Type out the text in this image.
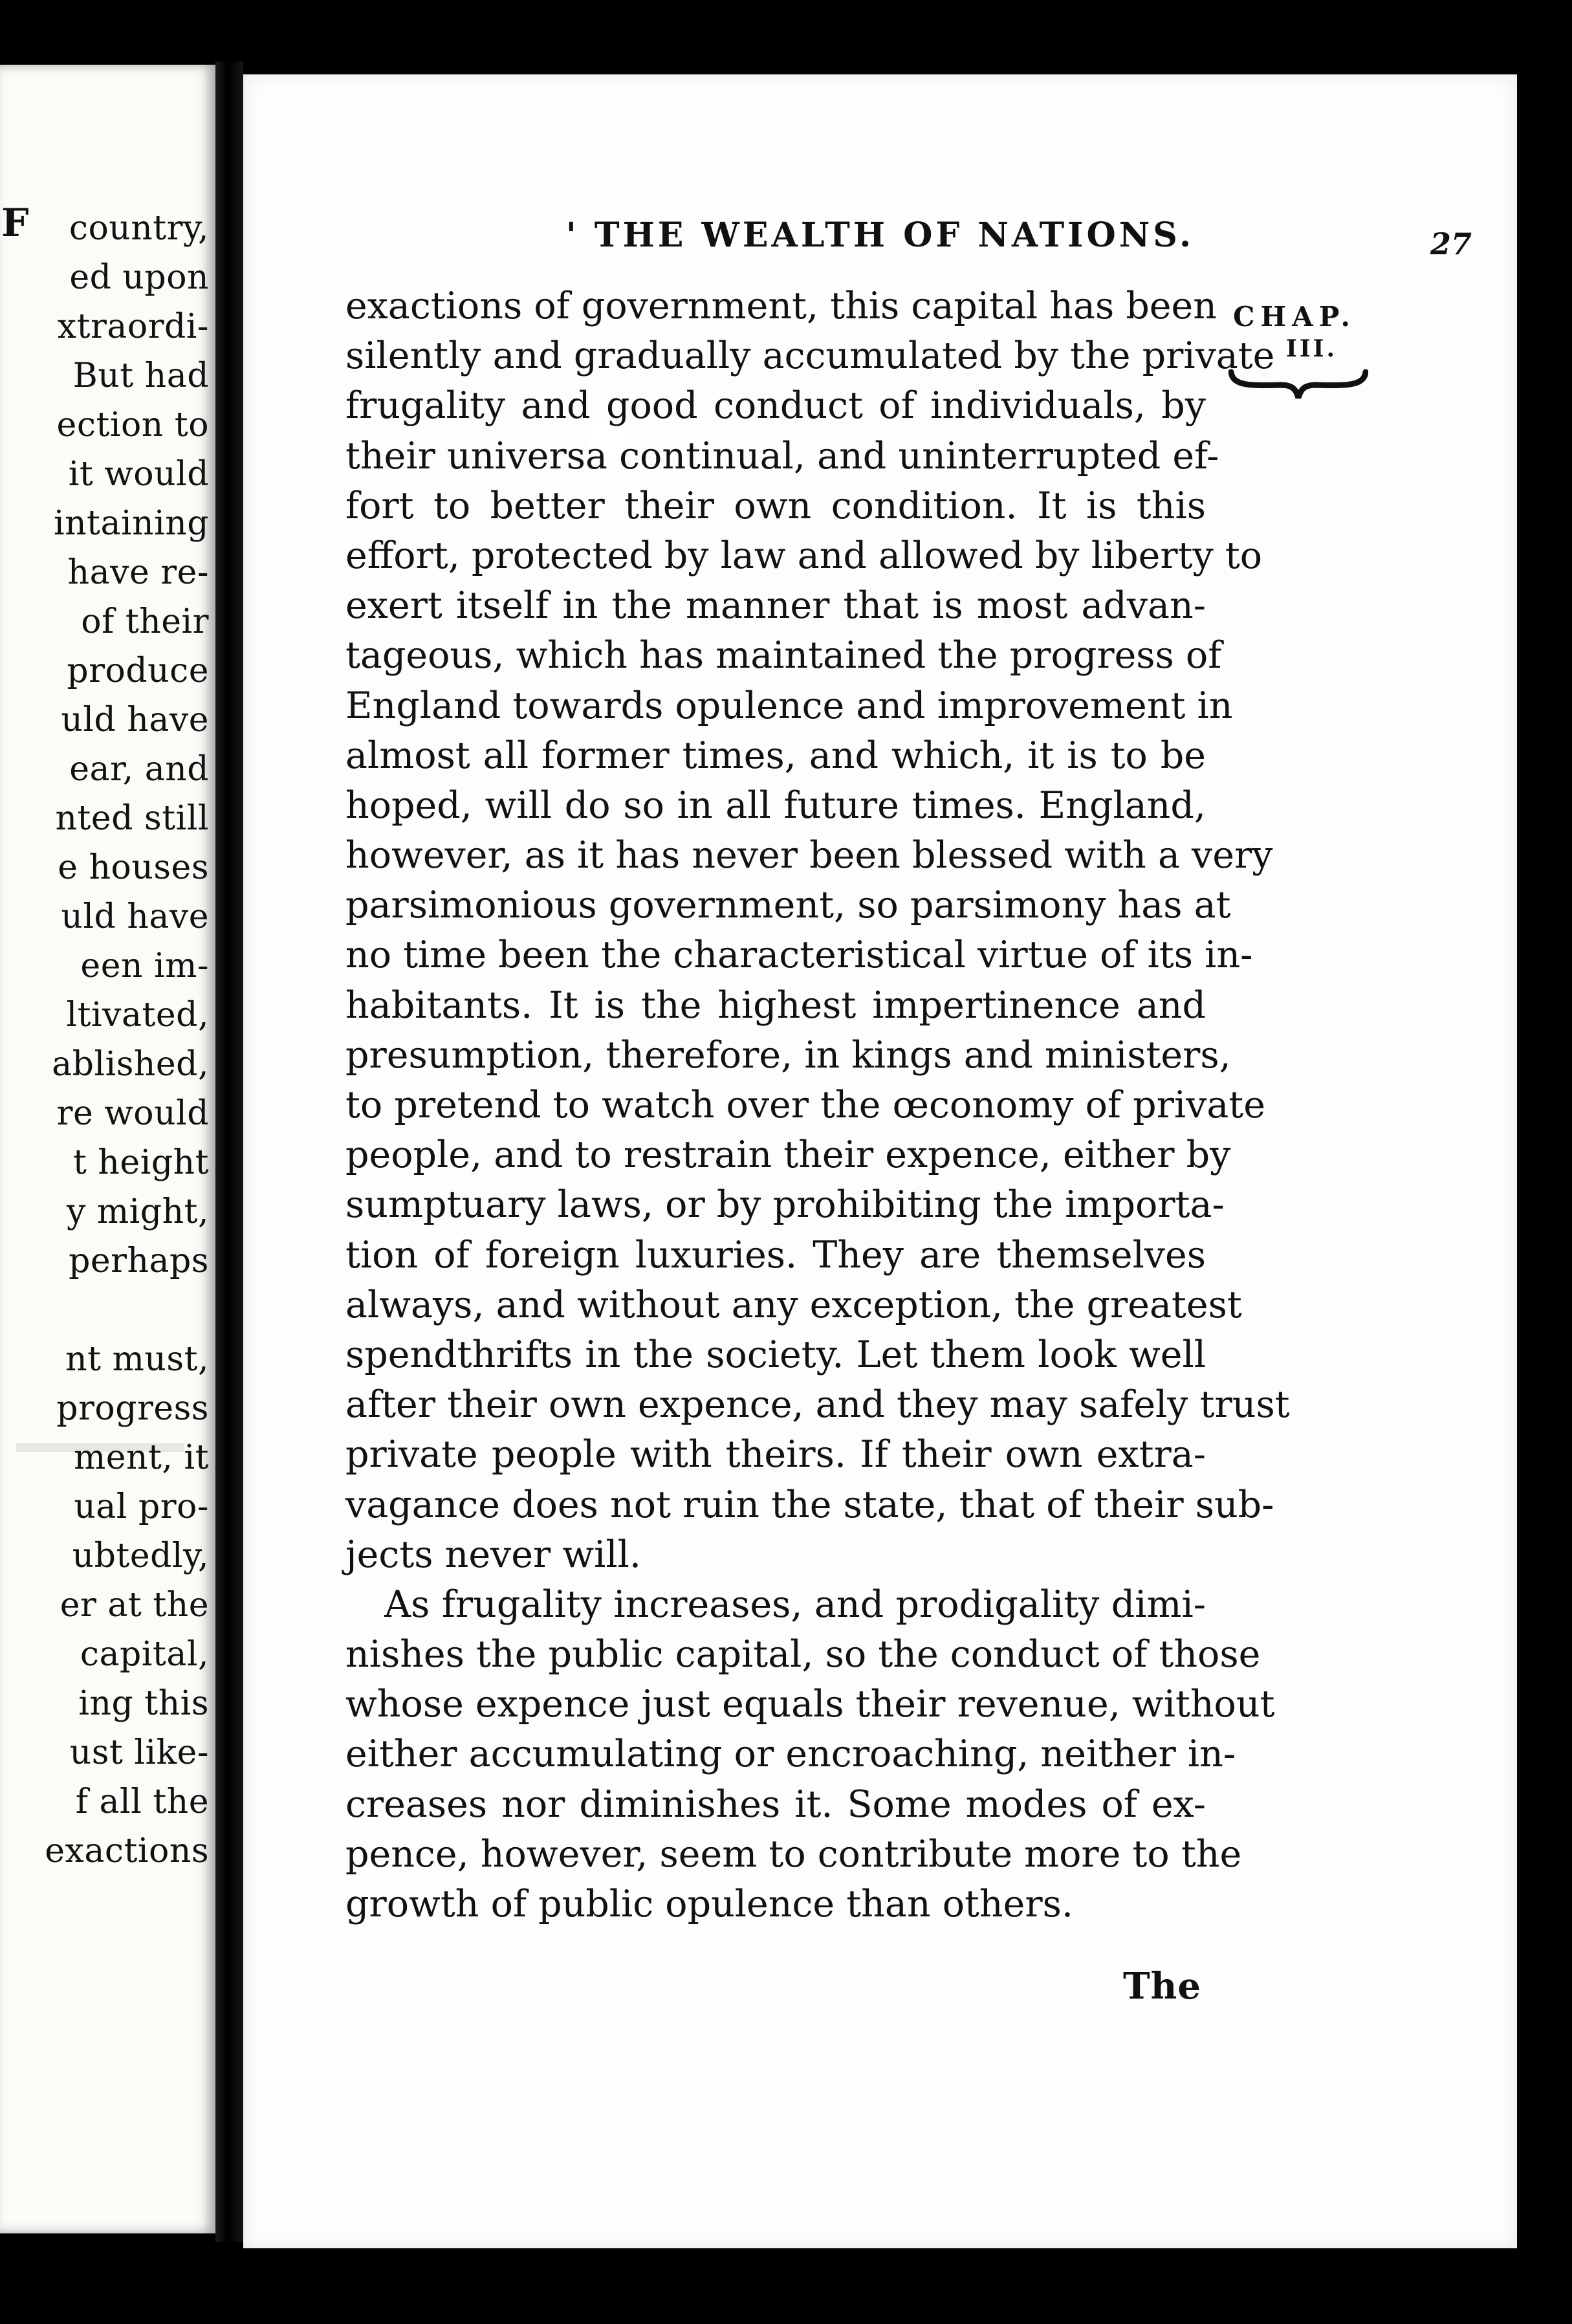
F country,
ed upon
xtraordi-
But had
ection to
it would
intaining
have re-
of their
produce
uld have
ear, and
nted still
e houses
uld have
een im-
ltivated,
ablished,
re would
t height
y might,
perhaps
nt must,
progress
ment, it
ual pro-
ubtedly,
er at the
capital,
ing this
ust like-
f all the
exactions
' THE WEALTH OF NATIONS.	27
CHAP.
III.
exactions of government, this capital has been
silently and gradually accumulated by the private
frugality and good conduct of individuals, by
their universa continual, and uninterrupted ef-
fort to better their own condition. It is this
effort, protected by law and allowed by liberty to
exert itself in the manner that is most advan-
tageous, which has maintained the progress of
England towards opulence and improvement in
almost all former times, and which, it is to be
hoped, will do so in all future times. England,
however, as it has never been blessed with a very
parsimonious government, so parsimony has at
no time been the characteristical virtue of its in-
habitants. It is the highest impertinence and
presumption, therefore, in kings and ministers,
to pretend to watch over the œconomy of private
people, and to restrain their expence, either by
sumptuary laws, or by prohibiting the importa-
tion of foreign luxuries. They are themselves
always, and without any exception, the greatest
spendthrifts in the society. Let them look well
after their own expence, and they may safely trust
private people with theirs. If their own extra-
vagance does not ruin the state, that of their sub-
jects never will.
As frugality increases, and prodigality dimi-
nishes the public capital, so the conduct of those
whose expence just equals their revenue, without
either accumulating or encroaching, neither in-
creases nor diminishes it. Some modes of ex-
pence, however, seem to contribute more to the
growth of public opulence than others.
The
